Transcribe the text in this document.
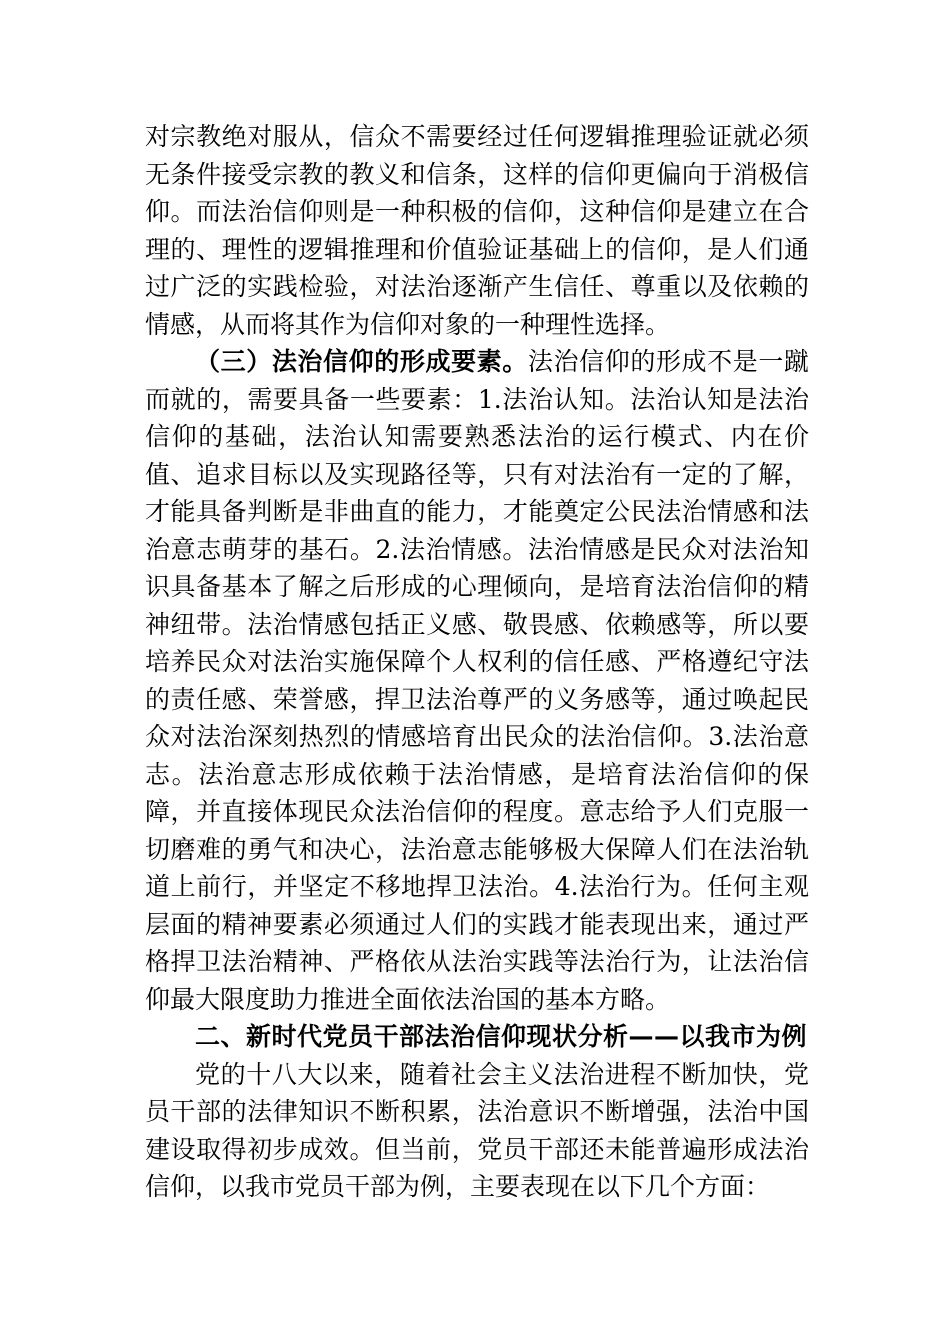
对宗教绝对服从，信众不需要经过任何逻辑推理验证就必须无条件接受宗教的教义和信条，这样的信仰更偏向于消极信仰。而法治信仰则是一种积极的信仰，这种信仰是建立在合理的、理性的逻辑推理和价值验证基础上的信仰，是人们通过广泛的实践检验，对法治逐渐产生信任、尊重以及依赖的情感，从而将其作为信仰对象的一种理性选择。

（三）法治信仰的形成要素。法治信仰的形成不是一蹴而就的，需要具备一些要素：1.法治认知。法治认知是法治信仰的基础，法治认知需要熟悉法治的运行模式、内在价值、追求目标以及实现路径等，只有对法治有一定的了解，才能具备判断是非曲直的能力，才能奠定公民法治情感和法治意志萌芽的基石。2.法治情感。法治情感是民众对法治知识具备基本了解之后形成的心理倾向，是培育法治信仰的精神纽带。法治情感包括正义感、敬畏感、依赖感等，所以要培养民众对法治实施保障个人权利的信任感、严格遵纪守法的责任感、荣誉感，捍卫法治尊严的义务感等，通过唤起民众对法治深刻热烈的情感培育出民众的法治信仰。3.法治意志。法治意志形成依赖于法治情感，是培育法治信仰的保障，并直接体现民众法治信仰的程度。意志给予人们克服一切磨难的勇气和决心，法治意志能够极大保障人们在法治轨道上前行，并坚定不移地捍卫法治。4.法治行为。任何主观层面的精神要素必须通过人们的实践才能表现出来，通过严格捍卫法治精神、严格依从法治实践等法治行为，让法治信仰最大限度助力推进全面依法治国的基本方略。

二、新时代党员干部法治信仰现状分析——以我市为例

党的十八大以来，随着社会主义法治进程不断加快，党员干部的法律知识不断积累，法治意识不断增强，法治中国建设取得初步成效。但当前，党员干部还未能普遍形成法治信仰，以我市党员干部为例，主要表现在以下几个方面：
